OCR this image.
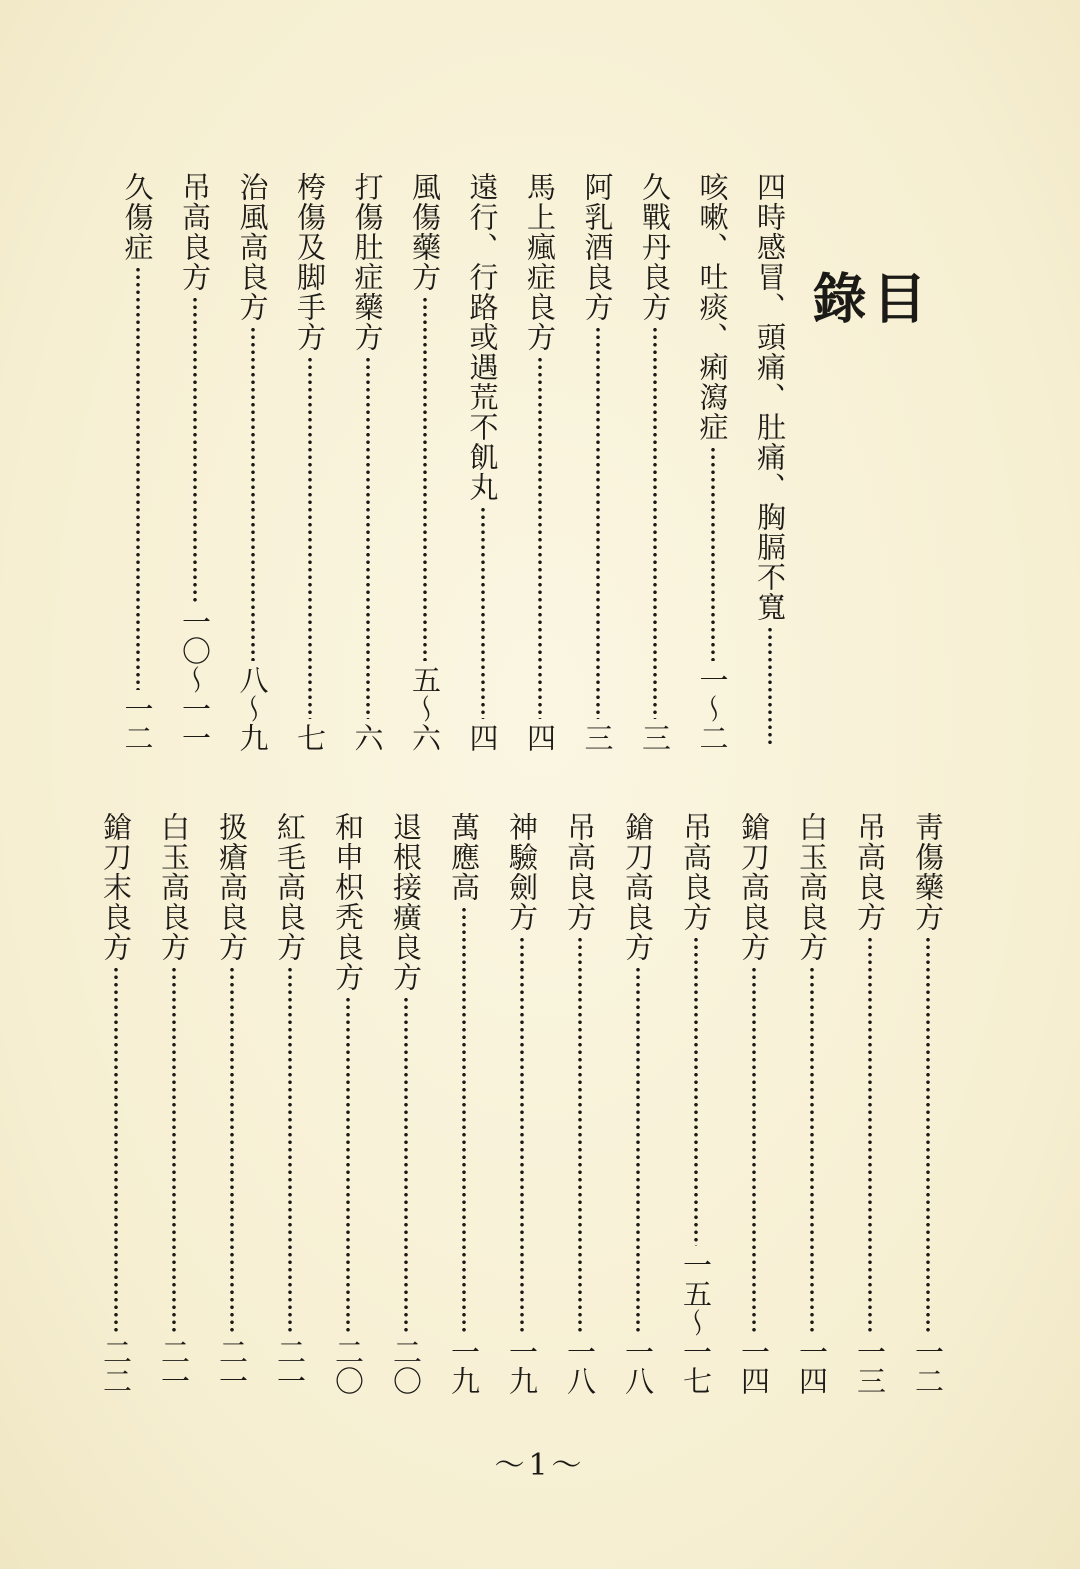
目 錄
四時感冒、頭痛、肚痛、胸膈不寬
咳嗽、吐痰、痢瀉症
一～二
久戰丹良方
三
阿乳酒良方
三
馬上瘋症良方
四
遠行、行路或遇荒不飢丸
四
風傷藥方
五～六
打傷肚症藥方
六
桍傷及脚手方
七
治風高良方
八～九
吊高良方
一〇～一一
久傷症
一二
靑傷藥方
一二
吊高良方
一三
白玉高良方
一四
鎗刀高良方
一四
吊高良方
一五～一七
鎗刀高良方
一八
吊高良方
一八
神驗劍方
一九
萬應高
一九
退根接癀良方
二〇
和申枳秃良方
二〇
紅毛高良方
二一
扱瘡高良方
二一
白玉高良方
二一
鎗刀末良方
二二
～1～
